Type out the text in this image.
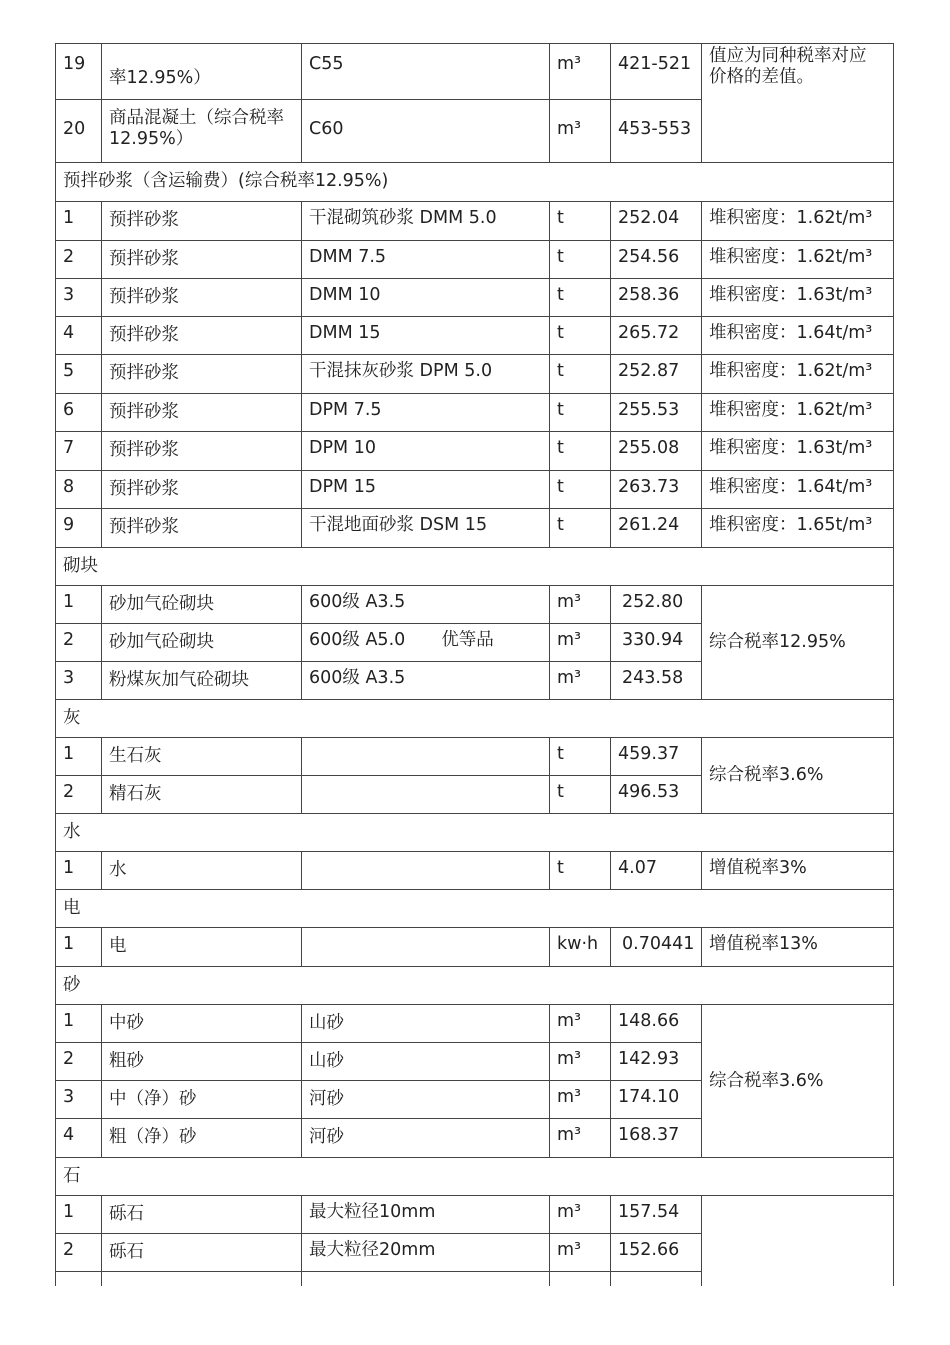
19	率12.95%）	C55	m³	421-521	值应为同种税率对应价格的差值。

20	商品混凝土（综合税率12.95%）	C60	m³	453-553	

预拌砂浆（含运输费）(综合税率12.95%)					

1	预拌砂浆	干混砌筑砂浆 DMM 5.0	t	252.04	堆积密度：1.62t/m³

2	预拌砂浆	DMM 7.5	t	254.56	堆积密度：1.62t/m³

3	预拌砂浆	DMM 10	t	258.36	堆积密度：1.63t/m³

4	预拌砂浆	DMM 15	t	265.72	堆积密度：1.64t/m³

5	预拌砂浆	干混抹灰砂浆 DPM 5.0	t	252.87	堆积密度：1.62t/m³

6	预拌砂浆	DPM 7.5	t	255.53	堆积密度：1.62t/m³

7	预拌砂浆	DPM 10	t	255.08	堆积密度：1.63t/m³

8	预拌砂浆	DPM 15	t	263.73	堆积密度：1.64t/m³

9	预拌砂浆	干混地面砂浆 DSM 15	t	261.24	堆积密度：1.65t/m³

砌块					

1	砂加气砼砌块	600级 A3.5	m³	252.80	综合税率12.95%

2	砂加气砼砌块	600级 A5.0 优等品	m³	330.94	

3	粉煤灰加气砼砌块	600级 A3.5	m³	243.58	

灰					

1	生石灰		t	459.37	综合税率3.6%

2	精石灰		t	496.53	

水					

1	水		t	4.07	增值税率3%

电					

1	电		kw·h	0.70441	增值税率13%

砂					

1	中砂	山砂	m³	148.66	综合税率3.6%

2	粗砂	山砂	m³	142.93	

3	中（净）砂	河砂	m³	174.10	

4	粗（净）砂	河砂	m³	168.37	

石					

1	砾石	最大粒径10mm	m³	157.54	

2	砾石	最大粒径20mm	m³	152.66	
